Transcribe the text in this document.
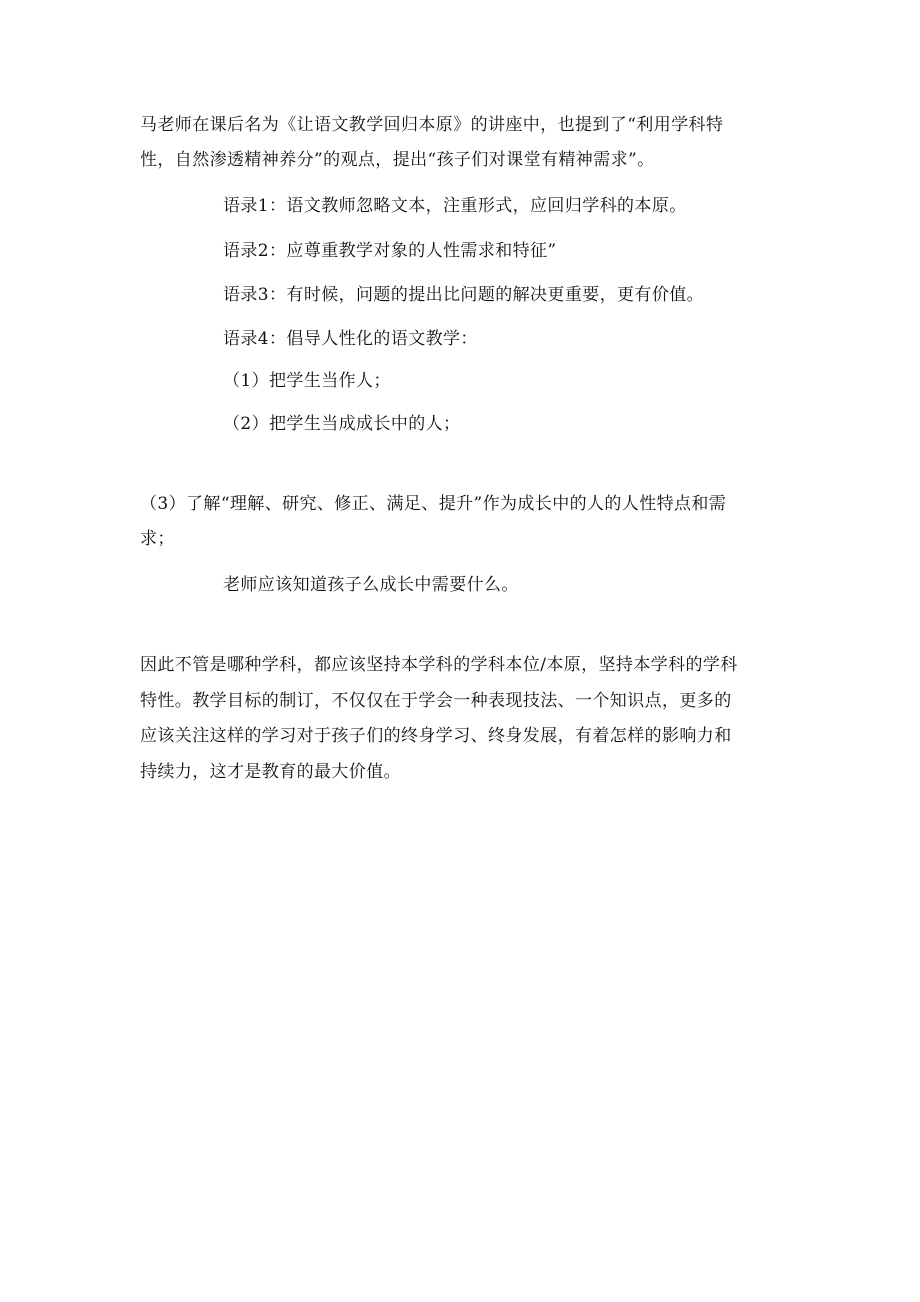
马老师在课后名为《让语文教学回归本原》的讲座中，也提到了“利用学科特
性，自然渗透精神养分”的观点，提出“孩子们对课堂有精神需求”。
语录1：语文教师忽略文本，注重形式，应回归学科的本原。
语录2：应尊重教学对象的人性需求和特征”
语录3：有时候，问题的提出比问题的解决更重要，更有价值。
语录4：倡导人性化的语文教学：
（1）把学生当作人；
（2）把学生当成成长中的人；
（3）了解“理解、研究、修正、满足、提升”作为成长中的人的人性特点和需
求；
老师应该知道孩子么成长中需要什么。
因此不管是哪种学科，都应该坚持本学科的学科本位/本原，坚持本学科的学科
特性。教学目标的制订，不仅仅在于学会一种表现技法、一个知识点，更多的
应该关注这样的学习对于孩子们的终身学习、终身发展，有着怎样的影响力和
持续力，这才是教育的最大价值。
